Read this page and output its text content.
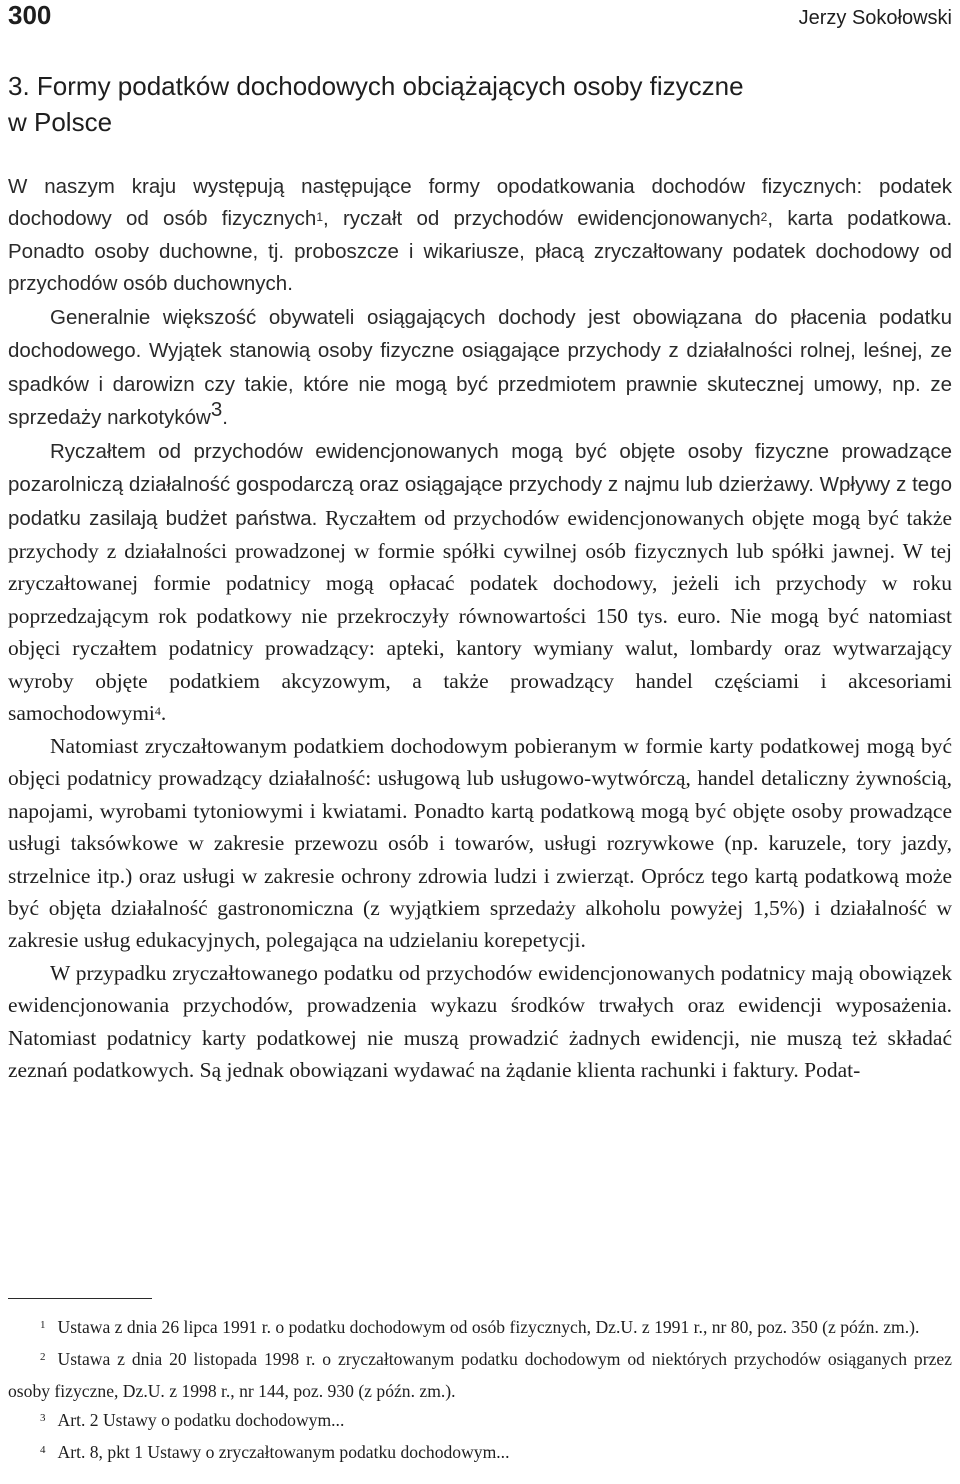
300	Jerzy Sokołowski
3. Formy podatków dochodowych obciążających osoby fizyczne
w Polsce

W naszym kraju występują następujące formy opodatkowania dochodów fizycznych: podatek dochodowy od osób fizycznych$^1$, ryczałt od przychodów ewidencjonowanych$^2$, karta podatkowa. Ponadto osoby duchowne, tj. proboszcze i wikariusze, płacą zryczałtowany podatek dochodowy od przychodów osób duchownych.

Generalnie większość obywateli osiągających dochody jest obowiązana do płacenia podatku dochodowego. Wyjątek stanowią osoby fizyczne osiągające przychody z działalności rolnej, leśnej, ze spadków i darowizn czy takie, które nie mogą być przedmiotem prawnie skutecznej umowy, np. ze sprzedaży narkotyków$^3$.

Ryczałtem od przychodów ewidencjonowanych mogą być objęte osoby fizyczne prowadzące pozarolniczą działalność gospodarczą oraz osiągające przychody z najmu lub dzierżawy. Wpływy z tego podatku zasilają budżet państwa. Ryczałtem od przychodów ewidencjonowanych objęte mogą być także przychody z działalności prowadzonej w formie spółki cywilnej osób fizycznych lub spółki jawnej. W tej zryczałtowanej formie podatnicy mogą opłacać podatek dochodowy, jeżeli ich przychody w roku poprzedzającym rok podatkowy nie przekroczyły równowartości 150 tys. euro. Nie mogą być natomiast objęci ryczałtem podatnicy prowadzący: apteki, kantory wymiany walut, lombardy oraz wytwarzający wyroby objęte podatkiem akcyzowym, a także prowadzący handel częściami i akcesoriami samochodowymi$^4$.

Natomiast zryczałtowanym podatkiem dochodowym pobieranym w formie karty podatkowej mogą być objęci podatnicy prowadzący działalność: usługową lub usługowo-wytwórczą, handel detaliczny żywnością, napojami, wyrobami tytoniowymi i kwiatami. Ponadto kartą podatkową mogą być objęte osoby prowadzące usługi taksówkowe w zakresie przewozu osób i towarów, usługi rozrywkowe (np. karuzele, tory jazdy, strzelnice itp.) oraz usługi w zakresie ochrony zdrowia ludzi i zwierząt. Oprócz tego kartą podatkową może być objęta działalność gastronomiczna (z wyjątkiem sprzedaży alkoholu powyżej 1,5%) i działalność w zakresie usług edukacyjnych, polegająca na udzielaniu korepetycji.

W przypadku zryczałtowanego podatku od przychodów ewidencjonowanych podatnicy mają obowiązek ewidencjonowania przychodów, prowadzenia wykazu środków trwałych oraz ewidencji wyposażenia. Natomiast podatnicy karty podatkowej nie muszą prowadzić żadnych ewidencji, nie muszą też składać zeznań podatkowych. Są jednak obowiązani wydawać na żądanie klienta rachunki i faktury. Podat-

1 Ustawa z dnia 26 lipca 1991 r. o podatku dochodowym od osób fizycznych, Dz.U. z 1991 r., nr 80, poz. 350 (z późn. zm.).

2 Ustawa z dnia 20 listopada 1998 r. o zryczałtowanym podatku dochodowym od niektórych przychodów osiąganych przez osoby fizyczne, Dz.U. z 1998 r., nr 144, poz. 930 (z późn. zm.).

3 Art. 2 Ustawy o podatku dochodowym...

4 Art. 8, pkt 1 Ustawy o zryczałtowanym podatku dochodowym...
